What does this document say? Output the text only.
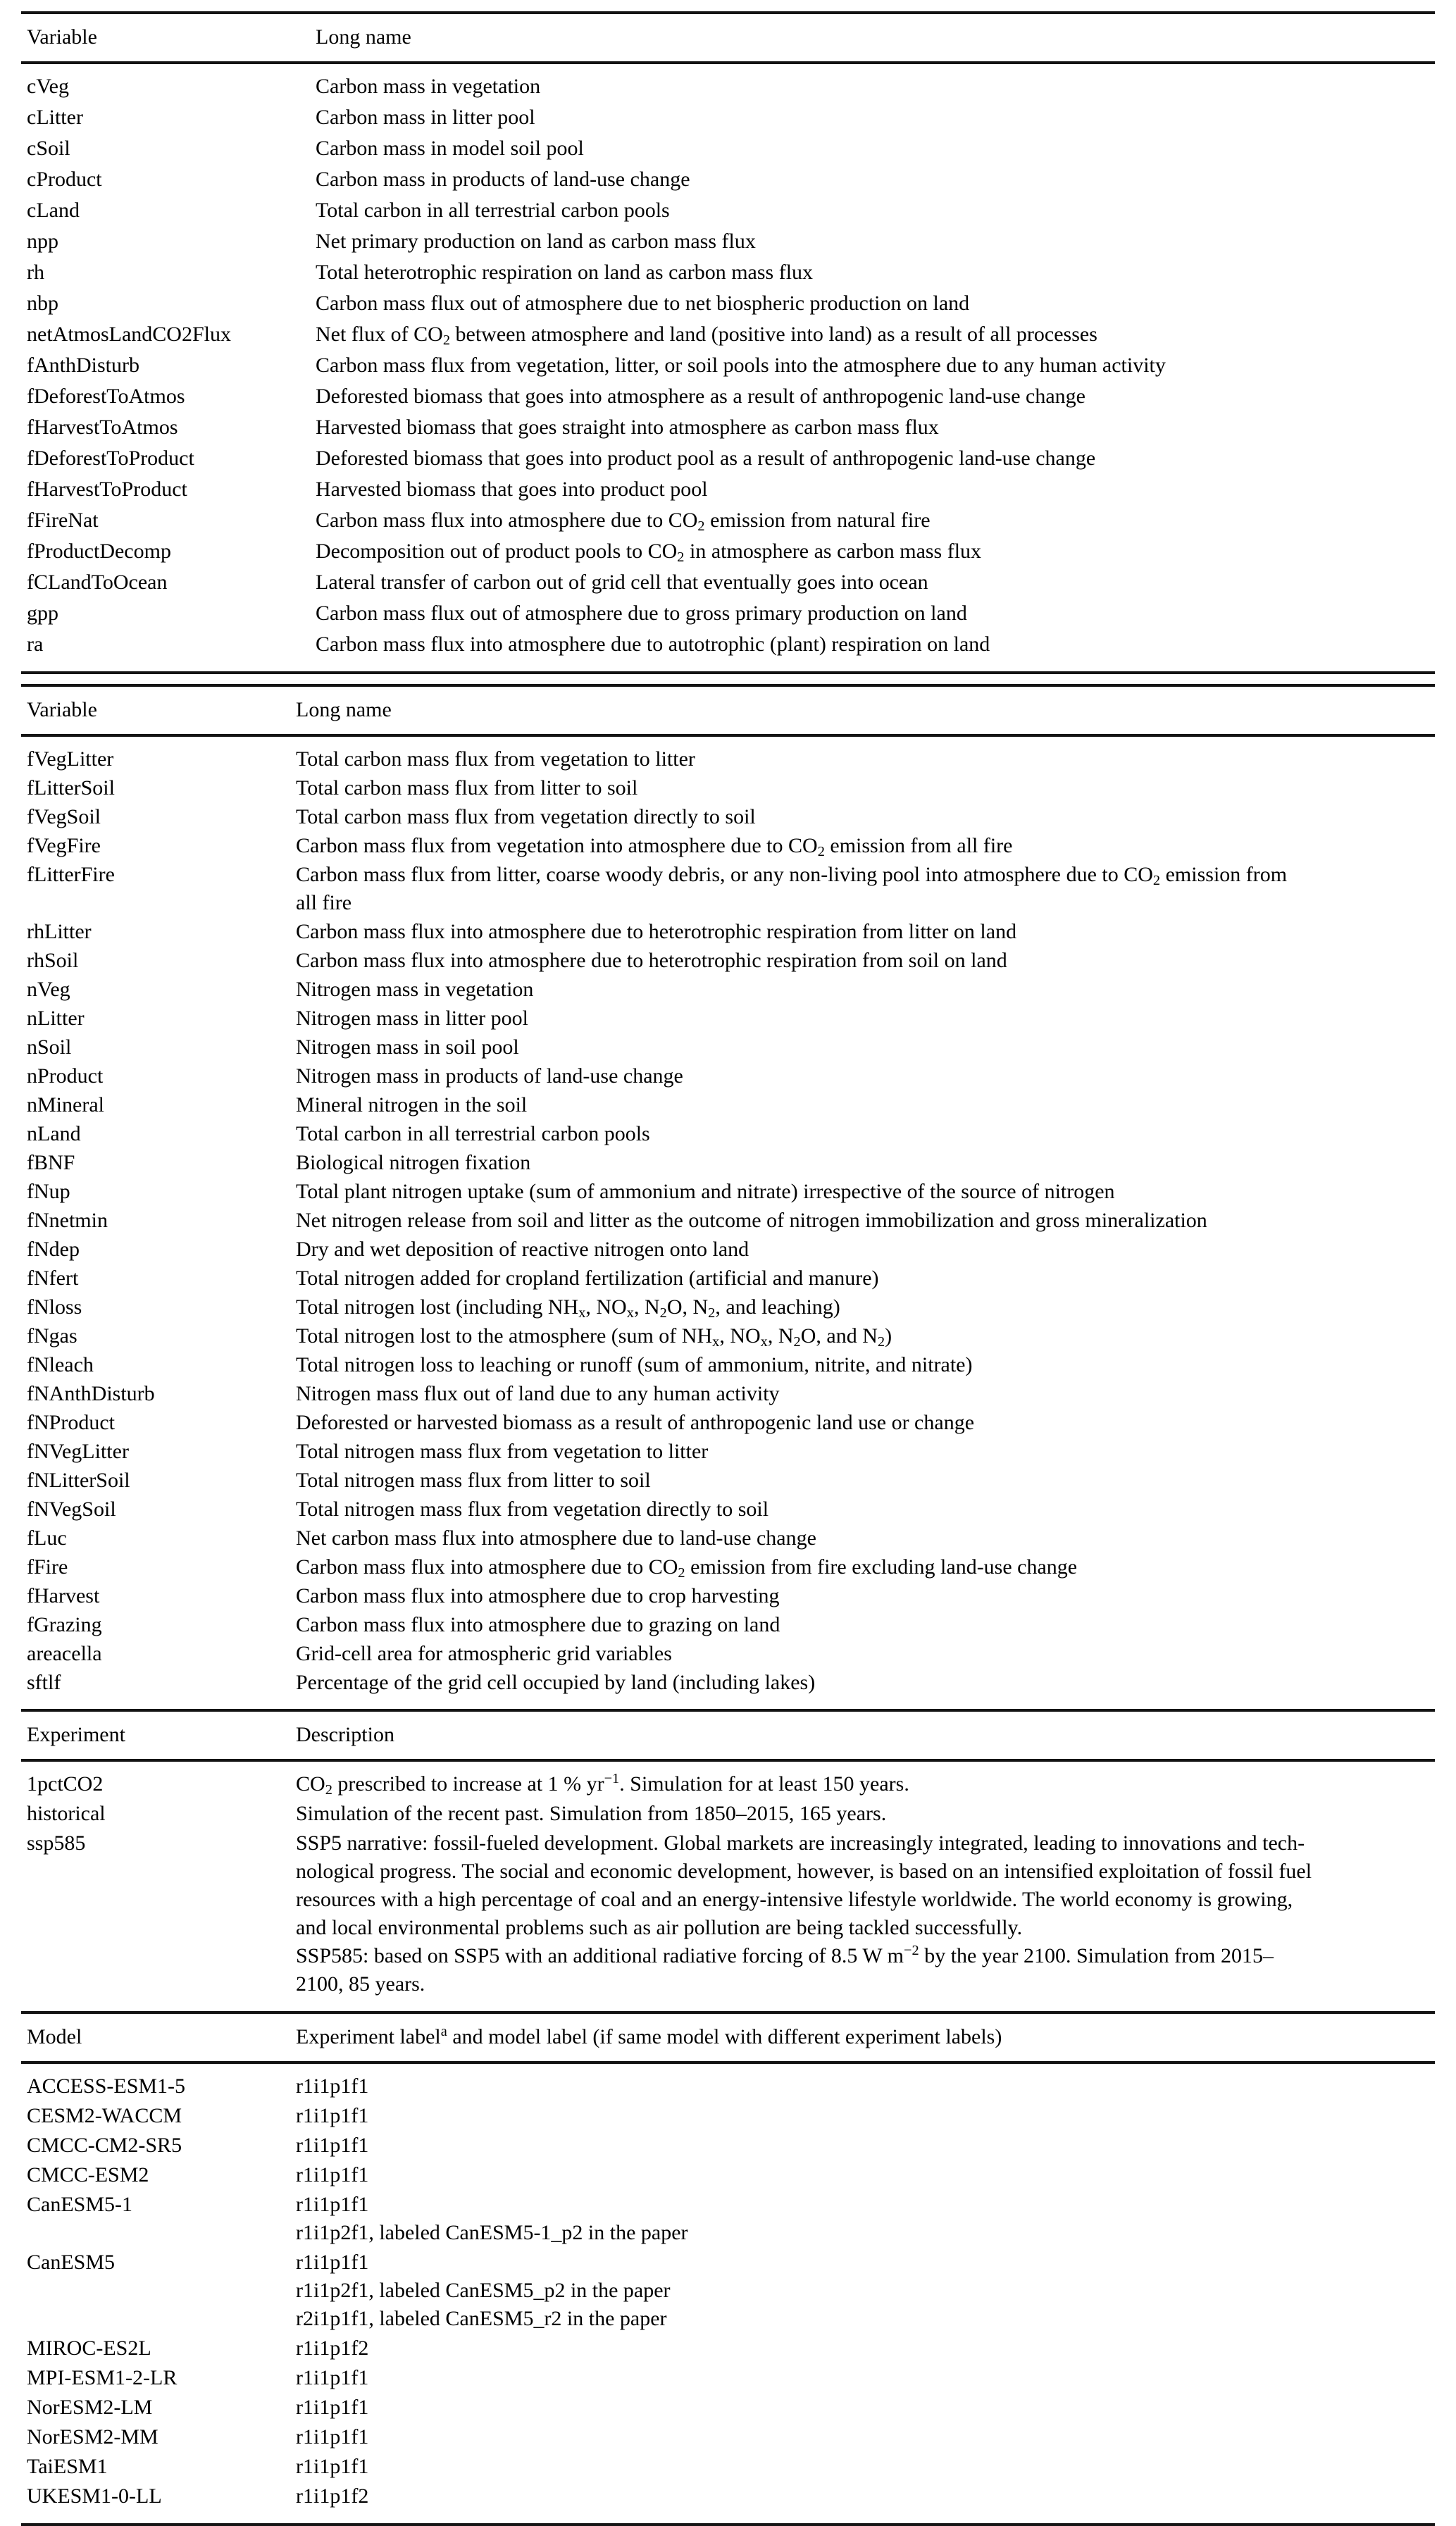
Variable	Long name
cVeg	Carbon mass in vegetation
cLitter	Carbon mass in litter pool
cSoil	Carbon mass in model soil pool
cProduct	Carbon mass in products of land-use change
cLand	Total carbon in all terrestrial carbon pools
npp	Net primary production on land as carbon mass flux
rh	Total heterotrophic respiration on land as carbon mass flux
nbp	Carbon mass flux out of atmosphere due to net biospheric production on land
netAtmosLandCO2Flux	Net flux of $CO_2$ between atmosphere and land (positive into land) as a result of all processes
fAnthDisturb	Carbon mass flux from vegetation, litter, or soil pools into the atmosphere due to any human activity
fDeforestToAtmos	Deforested biomass that goes into atmosphere as a result of anthropogenic land-use change
fHarvestToAtmos	Harvested biomass that goes straight into atmosphere as carbon mass flux
fDeforestToProduct	Deforested biomass that goes into product pool as a result of anthropogenic land-use change
fHarvestToProduct	Harvested biomass that goes into product pool
fFireNat	Carbon mass flux into atmosphere due to $CO_2$ emission from natural fire
fProductDecomp	Decomposition out of product pools to $CO_2$ in atmosphere as carbon mass flux
fCLandToOcean	Lateral transfer of carbon out of grid cell that eventually goes into ocean
gpp	Carbon mass flux out of atmosphere due to gross primary production on land
ra	Carbon mass flux into atmosphere due to autotrophic (plant) respiration on land
Variable	Long name
fVegLitter	Total carbon mass flux from vegetation to litter
fLitterSoil	Total carbon mass flux from litter to soil
fVegSoil	Total carbon mass flux from vegetation directly to soil
fVegFire	Carbon mass flux from vegetation into atmosphere due to $CO_2$ emission from all fire
fLitterFire	Carbon mass flux from litter, coarse woody debris, or any non-living pool into atmosphere due to $CO_2$ emission from
all fire
rhLitter	Carbon mass flux into atmosphere due to heterotrophic respiration from litter on land
rhSoil	Carbon mass flux into atmosphere due to heterotrophic respiration from soil on land
nVeg	Nitrogen mass in vegetation
nLitter	Nitrogen mass in litter pool
nSoil	Nitrogen mass in soil pool
nProduct	Nitrogen mass in products of land-use change
nMineral	Mineral nitrogen in the soil
nLand	Total carbon in all terrestrial carbon pools
fBNF	Biological nitrogen fixation
fNup	Total plant nitrogen uptake (sum of ammonium and nitrate) irrespective of the source of nitrogen
fNnetmin	Net nitrogen release from soil and litter as the outcome of nitrogen immobilization and gross mineralization
fNdep	Dry and wet deposition of reactive nitrogen onto land
fNfert	Total nitrogen added for cropland fertilization (artificial and manure)
fNloss	Total nitrogen lost (including $NH_x$, $NO_x$, $N_2O$, $N_2$, and leaching)
fNgas	Total nitrogen lost to the atmosphere (sum of $NH_x$, $NO_x$, $N_2O$, and $N_2$)
fNleach	Total nitrogen loss to leaching or runoff (sum of ammonium, nitrite, and nitrate)
fNAnthDisturb	Nitrogen mass flux out of land due to any human activity
fNProduct	Deforested or harvested biomass as a result of anthropogenic land use or change
fNVegLitter	Total nitrogen mass flux from vegetation to litter
fNLitterSoil	Total nitrogen mass flux from litter to soil
fNVegSoil	Total nitrogen mass flux from vegetation directly to soil
fLuc	Net carbon mass flux into atmosphere due to land-use change
fFire	Carbon mass flux into atmosphere due to $CO_2$ emission from fire excluding land-use change
fHarvest	Carbon mass flux into atmosphere due to crop harvesting
fGrazing	Carbon mass flux into atmosphere due to grazing on land
areacella	Grid-cell area for atmospheric grid variables
sftlf	Percentage of the grid cell occupied by land (including lakes)
Experiment	Description
1pctCO2	$CO_2$ prescribed to increase at 1 % $yr^{-1}$. Simulation for at least 150 years.
historical	Simulation of the recent past. Simulation from 1850–2015, 165 years.
ssp585	SSP5 narrative: fossil-fueled development. Global markets are increasingly integrated, leading to innovations and tech-
nological progress. The social and economic development, however, is based on an intensified exploitation of fossil fuel
resources with a high percentage of coal and an energy-intensive lifestyle worldwide. The world economy is growing,
and local environmental problems such as air pollution are being tackled successfully.
SSP585: based on SSP5 with an additional radiative forcing of 8.5 W $m^{-2}$ by the year 2100. Simulation from 2015–
2100, 85 years.
Model	Experiment label$^a$ and model label (if same model with different experiment labels)
ACCESS-ESM1-5	r1i1p1f1
CESM2-WACCM	r1i1p1f1
CMCC-CM2-SR5	r1i1p1f1
CMCC-ESM2	r1i1p1f1
CanESM5-1	r1i1p1f1
r1i1p2f1, labeled CanESM5-1_p2 in the paper
CanESM5	r1i1p1f1
r1i1p2f1, labeled CanESM5_p2 in the paper
r2i1p1f1, labeled CanESM5_r2 in the paper
MIROC-ES2L	r1i1p1f2
MPI-ESM1-2-LR	r1i1p1f1
NorESM2-LM	r1i1p1f1
NorESM2-MM	r1i1p1f1
TaiESM1	r1i1p1f1
UKESM1-0-LL	r1i1p1f2
